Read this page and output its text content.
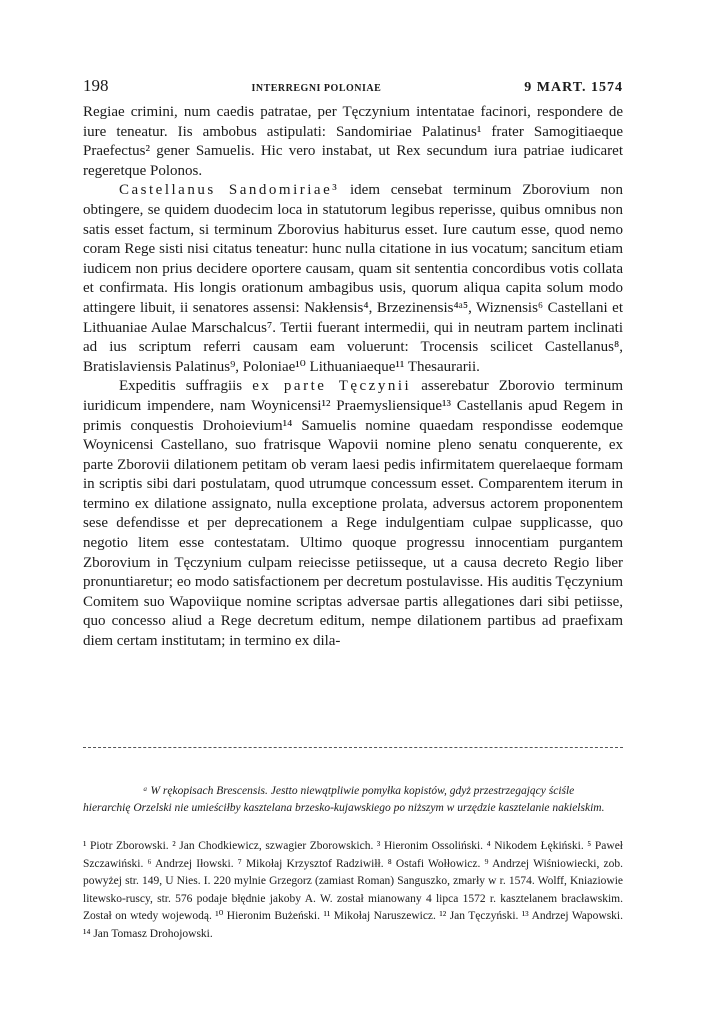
198	INTERREGNI POLONIAE	9 MART. 1574

Regiae crimini, num caedis patratae, per Tęczynium intentatae facinori, respondere de iure teneatur. Iis ambobus astipulati: Sandomiriae Palatinus¹ frater Samogitiaeque Praefectus² gener Samuelis. Hic vero instabat, ut Rex secundum iura patriae iudicaret regeretque Polonos.

Castellanus Sandomiriae³ idem censebat terminum Zborovium non obtingere, se quidem duodecim loca in statutorum legibus reperisse, quibus omnibus non satis esset factum, si terminum Zborovius habiturus esset. Iure cautum esse, quod nemo coram Rege sisti nisi citatus teneatur: hunc nulla citatione in ius vocatum; sancitum etiam iudicem non prius decidere oportere causam, quam sit sententia concordibus votis collata et confirmata. His longis orationum ambagibus usis, quorum aliqua capita solum modo attingere libuit, ii senatores assensi: Nakłensis⁴, Brzezinensis⁴ᵃ⁵, Wiznensis⁶ Castellani et Lithuaniae Aulae Marschalcus⁷. Tertii fuerant intermedii, qui in neutram partem inclinati ad ius scriptum referri causam eam voluerunt: Trocensis scilicet Castellanus⁸, Bratislaviensis Palatinus⁹, Poloniae¹⁰ Lithuaniaeque¹¹ Thesaurarii.

Expeditis suffragiis ex parte Tęczynii asserebatur Zborovio terminum iuridicum impendere, nam Woynicensi¹² Praemysliensique¹³ Castellanis apud Regem in primis conquestis Drohoievium¹⁴ Samuelis nomine quaedam respondisse eodemque Woynicensi Castellano, suo fratrisque Wapovii nomine pleno senatu conquerente, ex parte Zborovii dilationem petitam ob veram laesi pedis infirmitatem querelaeque formam in scriptis sibi dari postulatam, quod utrumque concessum esset. Comparentem iterum in termino ex dilatione assignato, nulla exceptione prolata, adversus actorem proponentem sese defendisse et per deprecationem a Rege indulgentiam culpae supplicasse, quo negotio litem esse contestatam. Ultimo quoque progressu innocentiam purgantem Zborovium in Tęczynium culpam reiecisse petiisseque, ut a causa decreto Regio liber pronuntiaretur; eo modo satisfactionem per decretum postulavisse. His auditis Tęczynium Comitem suo Wapoviique nomine scriptas adversae partis allegationes dari sibi petiisse, quo concesso aliud a Rege decretum editum, nempe dilationem partibus ad praefixam diem certam institutam; in termino ex dila-

ᵃ W rękopisach Brescensis. Jestto niewątpliwie pomyłka kopistów, gdyż przestrzegający ściśle hierarchię Orzelski nie umieściłby kasztelana brzesko-kujawskiego po niższym w urzędzie kasztelanie nakielskim.

¹ Piotr Zborowski. ² Jan Chodkiewicz, szwagier Zborowskich. ³ Hieronim Ossoliński. ⁴ Nikodem Łękiński. ⁵ Paweł Szczawiński. ⁶ Andrzej Iłowski. ⁷ Mikołaj Krzysztof Radziwiłł. ⁸ Ostafi Wołłowicz. ⁹ Andrzej Wiśniowiecki, zob. powyżej str. 149, U Nies. I. 220 mylnie Grzegorz (zamiast Roman) Sanguszko, zmarły w r. 1574. Wolff, Kniaziowie litewsko-ruscy, str. 576 podaje błędnie jakoby A. W. został mianowany 4 lipca 1572 r. kasztelanem bracławskim. Został on wtedy wojewodą. ¹⁰ Hieronim Bużeński. ¹¹ Mikołaj Naruszewicz. ¹² Jan Tęczyński. ¹³ Andrzej Wapowski. ¹⁴ Jan Tomasz Drohojowski.
